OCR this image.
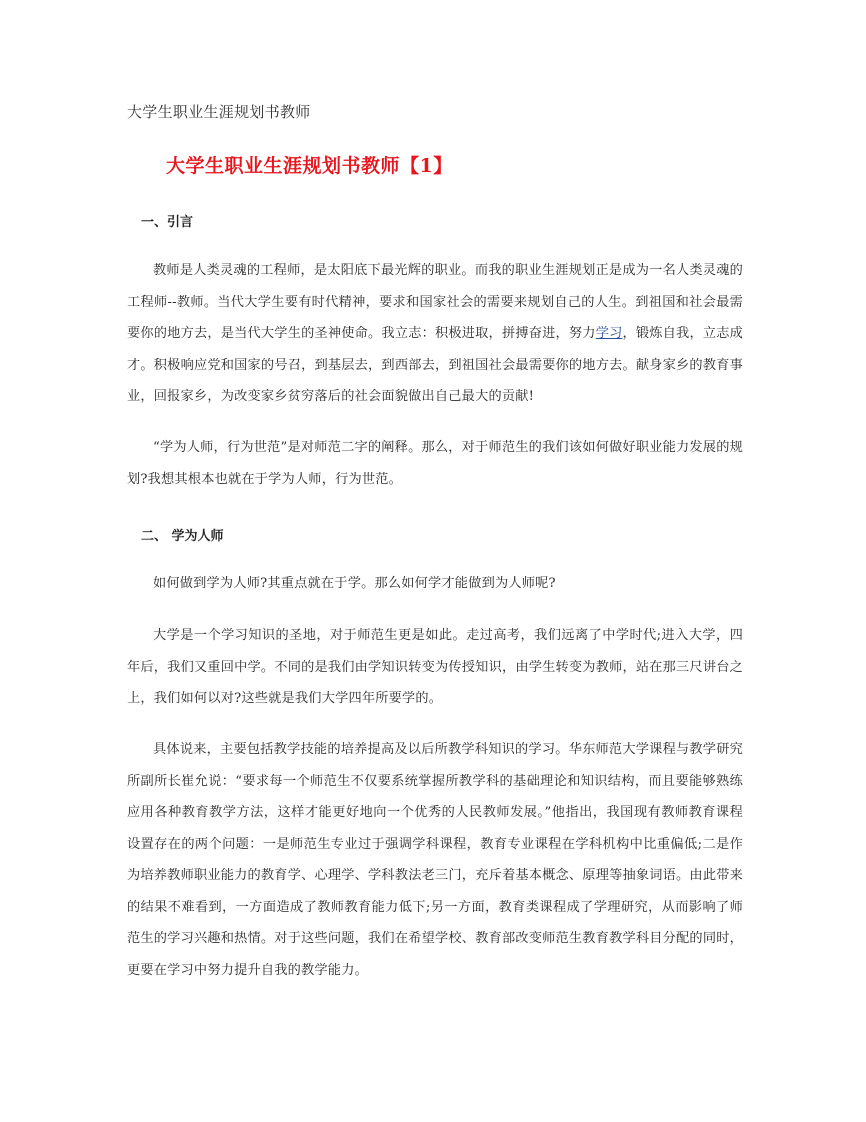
大学生职业生涯规划书教师
大学生职业生涯规划书教师【1】
一、引言
教师是人类灵魂的工程师，是太阳底下最光辉的职业。而我的职业生涯规划正是成为一名人类灵魂的工程师--教师。当代大学生要有时代精神，要求和国家社会的需要来规划自己的人生。到祖国和社会最需要你的地方去，是当代大学生的圣神使命。我立志：积极进取，拼搏奋进，努力学习，锻炼自我，立志成才。积极响应党和国家的号召，到基层去，到西部去，到祖国社会最需要你的地方去。献身家乡的教育事业，回报家乡，为改变家乡贫穷落后的社会面貌做出自己最大的贡献!
“学为人师，行为世范”是对师范二字的阐释。那么，对于师范生的我们该如何做好职业能力发展的规划?我想其根本也就在于学为人师，行为世范。
二、 学为人师
如何做到学为人师?其重点就在于学。那么如何学才能做到为人师呢?
大学是一个学习知识的圣地，对于师范生更是如此。走过高考，我们远离了中学时代;进入大学，四年后，我们又重回中学。不同的是我们由学知识转变为传授知识，由学生转变为教师，站在那三尺讲台之上，我们如何以对?这些就是我们大学四年所要学的。
具体说来，主要包括教学技能的培养提高及以后所教学科知识的学习。华东师范大学课程与教学研究所副所长崔允说：“要求每一个师范生不仅要系统掌握所教学科的基础理论和知识结构，而且要能够熟练应用各种教育教学方法，这样才能更好地向一个优秀的人民教师发展。”他指出，我国现有教师教育课程设置存在的两个问题：一是师范生专业过于强调学科课程，教育专业课程在学科机构中比重偏低;二是作为培养教师职业能力的教育学、心理学、学科教法老三门，充斥着基本概念、原理等抽象词语。由此带来的结果不难看到，一方面造成了教师教育能力低下;另一方面，教育类课程成了学理研究，从而影响了师范生的学习兴趣和热情。对于这些问题，我们在希望学校、教育部改变师范生教育教学科目分配的同时，更要在学习中努力提升自我的教学能力。
